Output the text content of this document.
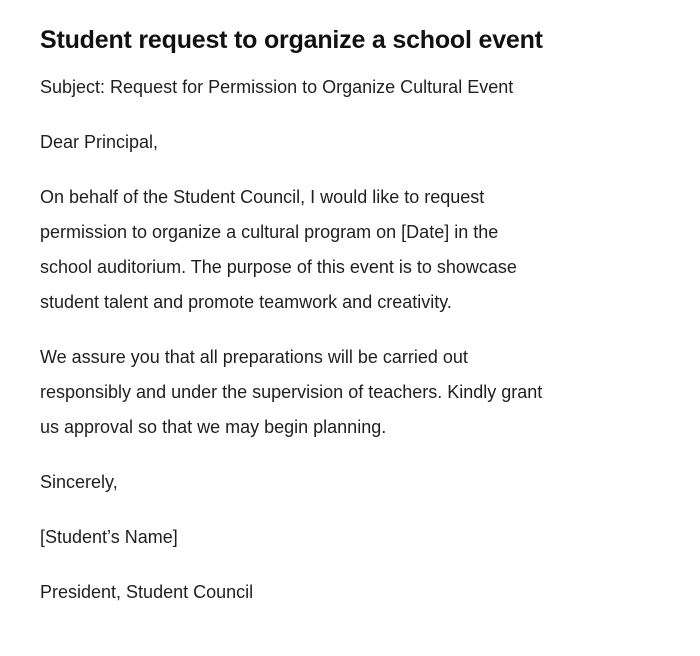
Student request to organize a school event

Subject: Request for Permission to Organize Cultural Event

Dear Principal,

On behalf of the Student Council, I would like to request
permission to organize a cultural program on [Date] in the
school auditorium. The purpose of this event is to showcase
student talent and promote teamwork and creativity.

We assure you that all preparations will be carried out
responsibly and under the supervision of teachers. Kindly grant
us approval so that we may begin planning.

Sincerely,

[Student’s Name]

President, Student Council
